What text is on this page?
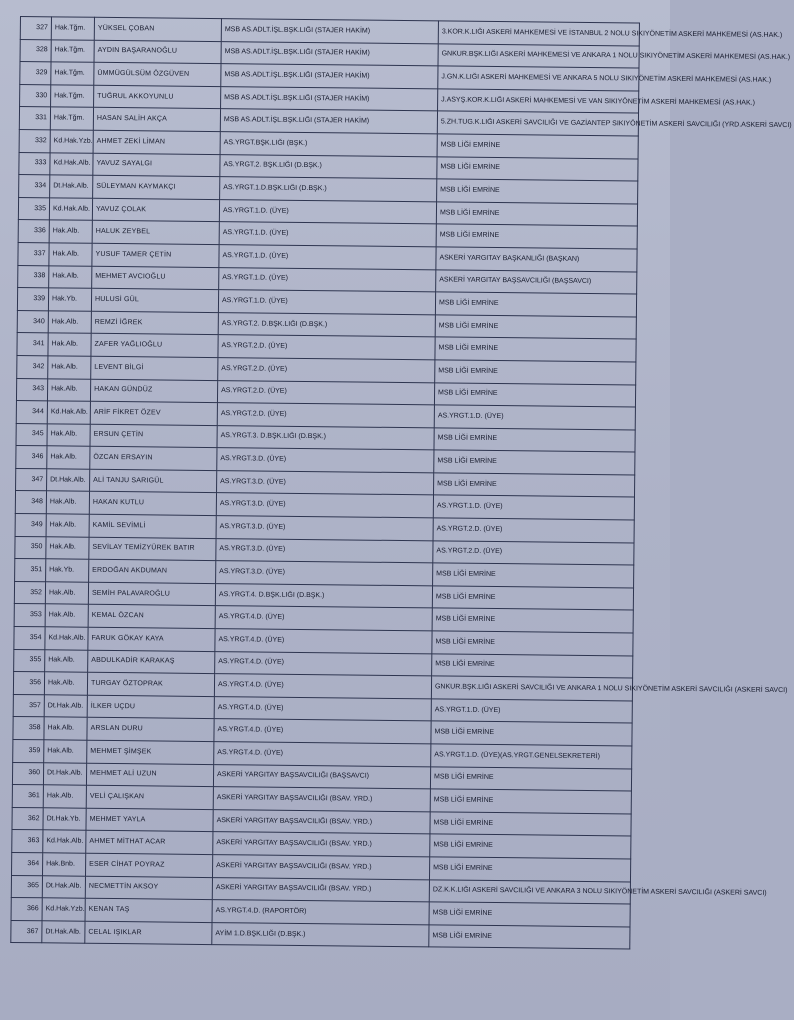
327	Hak.Tğm.	YÜKSEL ÇOBAN	MSB AS.ADLT.İŞL.BŞK.LIĞI (STAJER HAKİM)	3.KOR.K.LIĞI ASKERİ MAHKEMESİ VE İSTANBUL 2 NOLU SIKIYÖNETİM ASKERİ MAHKEMESİ (AS.HAK.)
328	Hak.Tğm.	AYDIN BAŞARANOĞLU	MSB AS.ADLT.İŞL.BŞK.LIĞI (STAJER HAKİM)	GNKUR.BŞK.LIĞI ASKERİ MAHKEMESİ VE ANKARA 1 NOLU SIKIYÖNETİM ASKERİ MAHKEMESİ (AS.HAK.)
329	Hak.Tğm.	ÜMMÜGÜLSÜM ÖZGÜVEN	MSB AS.ADLT.İŞL.BŞK.LIĞI (STAJER HAKİM)	J.GN.K.LIĞI ASKERİ MAHKEMESİ VE ANKARA 5 NOLU SIKIYÖNETİM ASKERİ MAHKEMESİ (AS.HAK.)
330	Hak.Tğm.	TUĞRUL AKKOYUNLU	MSB AS.ADLT.İŞL.BŞK.LIĞI (STAJER HAKİM)	J.ASYŞ.KOR.K.LIĞI ASKERİ MAHKEMESİ VE VAN SIKIYÖNETİM ASKERİ MAHKEMESİ (AS.HAK.)
331	Hak.Tğm.	HASAN SALİH AKÇA	MSB AS.ADLT.İŞL.BŞK.LIĞI (STAJER HAKİM)	5.ZH.TUG.K.LIĞI ASKERİ SAVCILIĞI VE GAZİANTEP SIKIYÖNETİM ASKERİ SAVCILIĞI (YRD.ASKERİ SAVCI)
332	Kd.Hak.Yzb.	AHMET ZEKİ LİMAN	AS.YRGT.BŞK.LIĞI (BŞK.)	MSB LİĞİ EMRİNE
333	Kd.Hak.Alb.	YAVUZ SAYALGI	AS.YRGT.2. BŞK.LIĞI (D.BŞK.)	MSB LİĞİ EMRİNE
334	Dt.Hak.Alb.	SÜLEYMAN KAYMAKÇI	AS.YRGT.1.D.BŞK.LIĞI (D.BŞK.)	MSB LİĞİ EMRİNE
335	Kd.Hak.Alb.	YAVUZ ÇOLAK	AS.YRGT.1.D. (ÜYE)	MSB LİĞİ EMRİNE
336	Hak.Alb.	HALUK ZEYBEL	AS.YRGT.1.D. (ÜYE)	MSB LİĞİ EMRİNE
337	Hak.Alb.	YUSUF TAMER ÇETİN	AS.YRGT.1.D. (ÜYE)	ASKERİ YARGITAY BAŞKANLIĞI (BAŞKAN)
338	Hak.Alb.	MEHMET AVCIOĞLU	AS.YRGT.1.D. (ÜYE)	ASKERİ YARGITAY BAŞSAVCILIĞI (BAŞSAVCI)
339	Hak.Yb.	HULUSİ GÜL	AS.YRGT.1.D. (ÜYE)	MSB LİĞİ EMRİNE
340	Hak.Alb.	REMZİ İĞREK	AS.YRGT.2. D.BŞK.LIĞI (D.BŞK.)	MSB LİĞİ EMRİNE
341	Hak.Alb.	ZAFER YAĞLIOĞLU	AS.YRGT.2.D. (ÜYE)	MSB LİĞİ EMRİNE
342	Hak.Alb.	LEVENT BİLGİ	AS.YRGT.2.D. (ÜYE)	MSB LİĞİ EMRİNE
343	Hak.Alb.	HAKAN GÜNDÜZ	AS.YRGT.2.D. (ÜYE)	MSB LİĞİ EMRİNE
344	Kd.Hak.Alb.	ARİF FİKRET ÖZEV	AS.YRGT.2.D. (ÜYE)	AS.YRGT.1.D. (ÜYE)
345	Hak.Alb.	ERSUN ÇETİN	AS.YRGT.3. D.BŞK.LIĞI (D.BŞK.)	MSB LİĞİ EMRİNE
346	Hak.Alb.	ÖZCAN ERSAYIN	AS.YRGT.3.D. (ÜYE)	MSB LİĞİ EMRİNE
347	Dt.Hak.Alb.	ALİ TANJU SARIGÜL	AS.YRGT.3.D. (ÜYE)	MSB LİĞİ EMRİNE
348	Hak.Alb.	HAKAN KUTLU	AS.YRGT.3.D. (ÜYE)	AS.YRGT.1.D. (ÜYE)
349	Hak.Alb.	KAMİL SEVİMLİ	AS.YRGT.3.D. (ÜYE)	AS.YRGT.2.D. (ÜYE)
350	Hak.Alb.	SEVİLAY TEMİZYÜREK BATIR	AS.YRGT.3.D. (ÜYE)	AS.YRGT.2.D. (ÜYE)
351	Hak.Yb.	ERDOĞAN AKDUMAN	AS.YRGT.3.D. (ÜYE)	MSB LİĞİ EMRİNE
352	Hak.Alb.	SEMİH PALAVAROĞLU	AS.YRGT.4. D.BŞK.LIĞI (D.BŞK.)	MSB LİĞİ EMRİNE
353	Hak.Alb.	KEMAL ÖZCAN	AS.YRGT.4.D. (ÜYE)	MSB LİĞİ EMRİNE
354	Kd.Hak.Alb.	FARUK GÖKAY KAYA	AS.YRGT.4.D. (ÜYE)	MSB LİĞİ EMRİNE
355	Hak.Alb.	ABDULKADİR KARAKAŞ	AS.YRGT.4.D. (ÜYE)	MSB LİĞİ EMRİNE
356	Hak.Alb.	TURGAY ÖZTOPRAK	AS.YRGT.4.D. (ÜYE)	GNKUR.BŞK.LIĞI ASKERİ SAVCILIĞI VE ANKARA 1 NOLU SIKIYÖNETİM ASKERİ SAVCILIĞI (ASKERİ SAVCI)
357	Dt.Hak.Alb.	İLKER UÇDU	AS.YRGT.4.D. (ÜYE)	AS.YRGT.1.D. (ÜYE)
358	Hak.Alb.	ARSLAN DURU	AS.YRGT.4.D. (ÜYE)	MSB LİĞİ EMRİNE
359	Hak.Alb.	MEHMET ŞİMŞEK	AS.YRGT.4.D. (ÜYE)	AS.YRGT.1.D. (ÜYE)(AS.YRGT.GENELSEKRETERİ)
360	Dt.Hak.Alb.	MEHMET ALİ UZUN	ASKERİ YARGITAY BAŞSAVCILIĞI (BAŞSAVCI)	MSB LİĞİ EMRİNE
361	Hak.Alb.	VELİ ÇALIŞKAN	ASKERİ YARGITAY BAŞSAVCILIĞI (BSAV. YRD.)	MSB LİĞİ EMRİNE
362	Dt.Hak.Yb.	MEHMET YAYLA	ASKERİ YARGITAY BAŞSAVCILIĞI (BSAV. YRD.)	MSB LİĞİ EMRİNE
363	Kd.Hak.Alb.	AHMET MİTHAT ACAR	ASKERİ YARGITAY BAŞSAVCILIĞI (BSAV. YRD.)	MSB LİĞİ EMRİNE
364	Hak.Bnb.	ESER CİHAT POYRAZ	ASKERİ YARGITAY BAŞSAVCILIĞI (BSAV. YRD.)	MSB LİĞİ EMRİNE
365	Dt.Hak.Alb.	NECMETTİN AKSOY	ASKERİ YARGITAY BAŞSAVCILIĞI (BSAV. YRD.)	DZ.K.K.LIĞI ASKERİ SAVCILIĞI VE ANKARA 3 NOLU SIKIYÖNETİM ASKERİ SAVCILIĞI (ASKERİ SAVCI)
366	Kd.Hak.Yzb.	KENAN TAŞ	AS.YRGT.4.D. (RAPORTÖR)	MSB LİĞİ EMRİNE
367	Dt.Hak.Alb.	CELAL IŞIKLAR	AYİM 1.D.BŞK.LIĞI (D.BŞK.)	MSB LİĞİ EMRİNE
